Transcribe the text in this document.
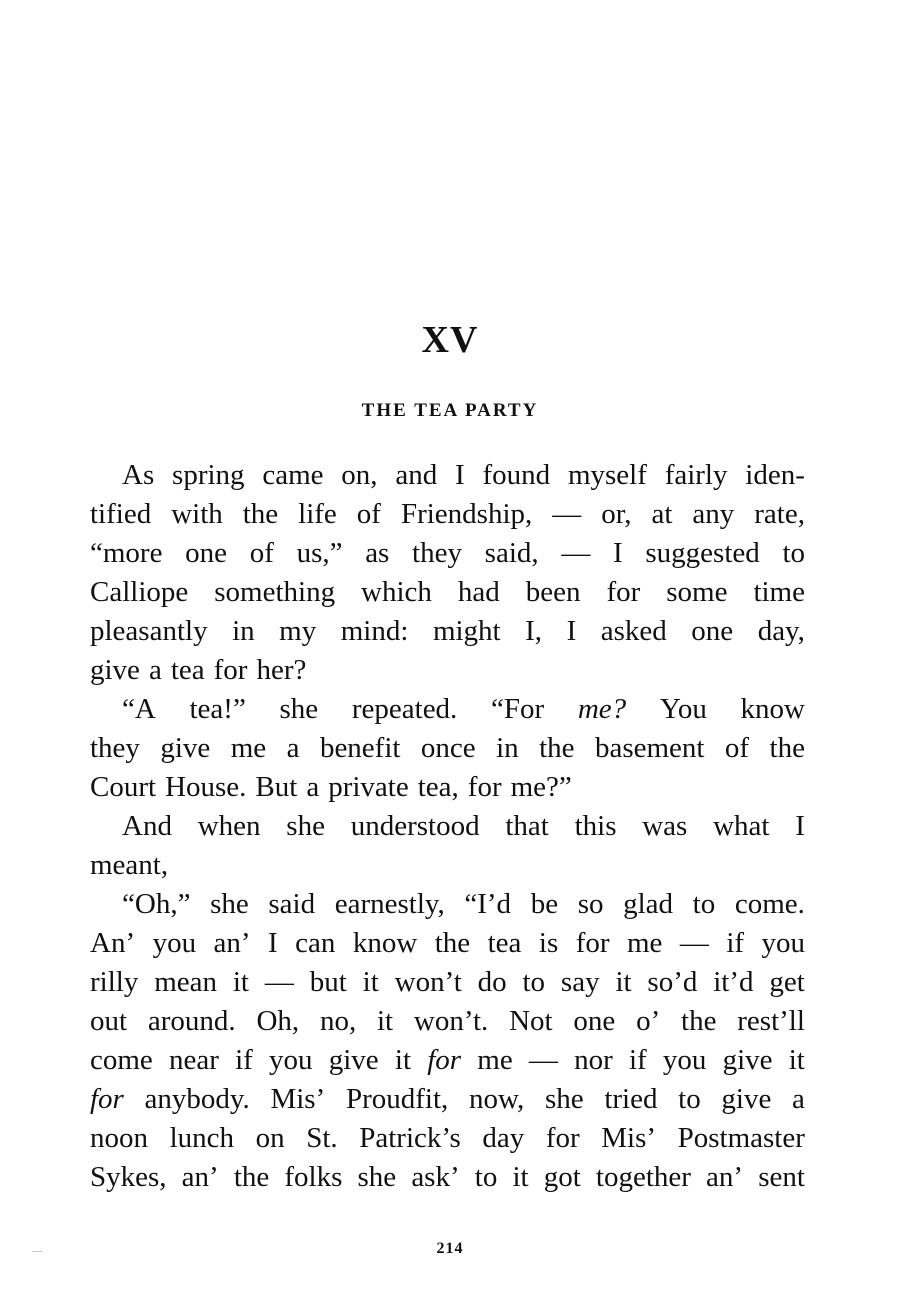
XV
THE TEA PARTY
As spring came on, and I found myself fairly iden-
tified with the life of Friendship, — or, at any rate,
“more one of us,” as they said, — I suggested to
Calliope something which had been for some time
pleasantly in my mind: might I, I asked one day,
give a tea for her?
“A tea!” she repeated. “For me? You know
they give me a benefit once in the basement of the
Court House. But a private tea, for me?”
And when she understood that this was what I
meant,
“Oh,” she said earnestly, “I’d be so glad to come.
An’ you an’ I can know the tea is for me — if you
rilly mean it — but it won’t do to say it so’d it’d get
out around. Oh, no, it won’t. Not one o’ the rest’ll
come near if you give it for me — nor if you give it
for anybody. Mis’ Proudfit, now, she tried to give a
noon lunch on St. Patrick’s day for Mis’ Postmaster
Sykes, an’ the folks she ask’ to it got together an’ sent
214
